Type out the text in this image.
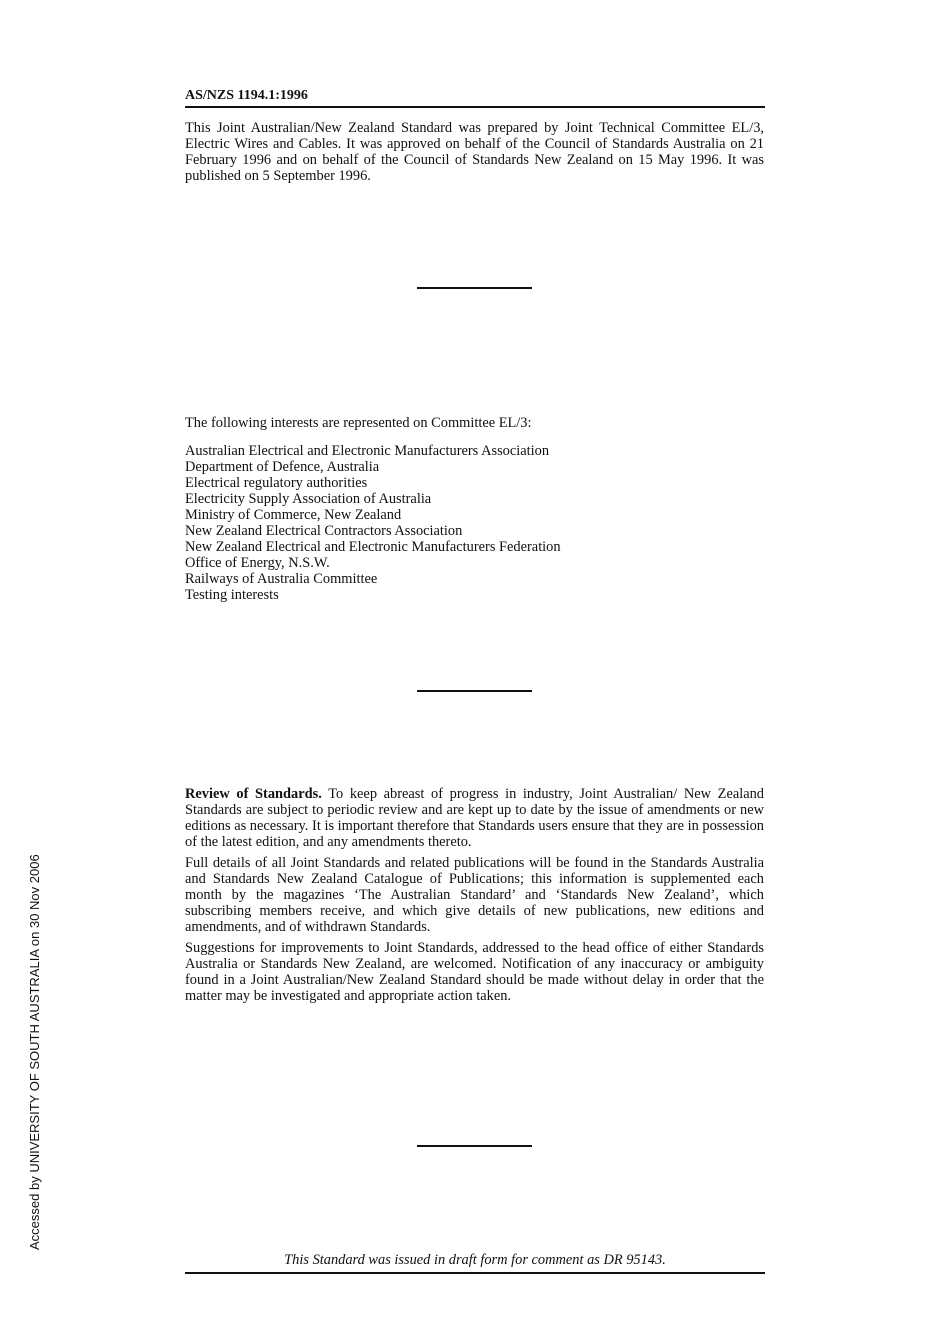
AS/NZS 1194.1:1996

This Joint Australian/New Zealand Standard was prepared by Joint Technical Committee EL/3, Electric Wires and Cables. It was approved on behalf of the Council of Standards Australia on 21 February 1996 and on behalf of the Council of Standards New Zealand on 15 May 1996. It was published on 5 September 1996.

The following interests are represented on Committee EL/3:

Australian Electrical and Electronic Manufacturers Association
Department of Defence, Australia
Electrical regulatory authorities
Electricity Supply Association of Australia
Ministry of Commerce, New Zealand
New Zealand Electrical Contractors Association
New Zealand Electrical and Electronic Manufacturers Federation
Office of Energy, N.S.W.
Railways of Australia Committee
Testing interests

Review of Standards. To keep abreast of progress in industry, Joint Australian/ New Zealand Standards are subject to periodic review and are kept up to date by the issue of amendments or new editions as necessary. It is important therefore that Standards users ensure that they are in possession of the latest edition, and any amendments thereto.

Full details of all Joint Standards and related publications will be found in the Standards Australia and Standards New Zealand Catalogue of Publications; this information is supplemented each month by the magazines ‘The Australian Standard’ and ‘Standards New Zealand’, which subscribing members receive, and which give details of new publications, new editions and amendments, and of withdrawn Standards.

Suggestions for improvements to Joint Standards, addressed to the head office of either Standards Australia or Standards New Zealand, are welcomed. Notification of any inaccuracy or ambiguity found in a Joint Australian/New Zealand Standard should be made without delay in order that the matter may be investigated and appropriate action taken.

Accessed by UNIVERSITY OF SOUTH AUSTRALIA on 30 Nov 2006
This Standard was issued in draft form for comment as DR 95143.
